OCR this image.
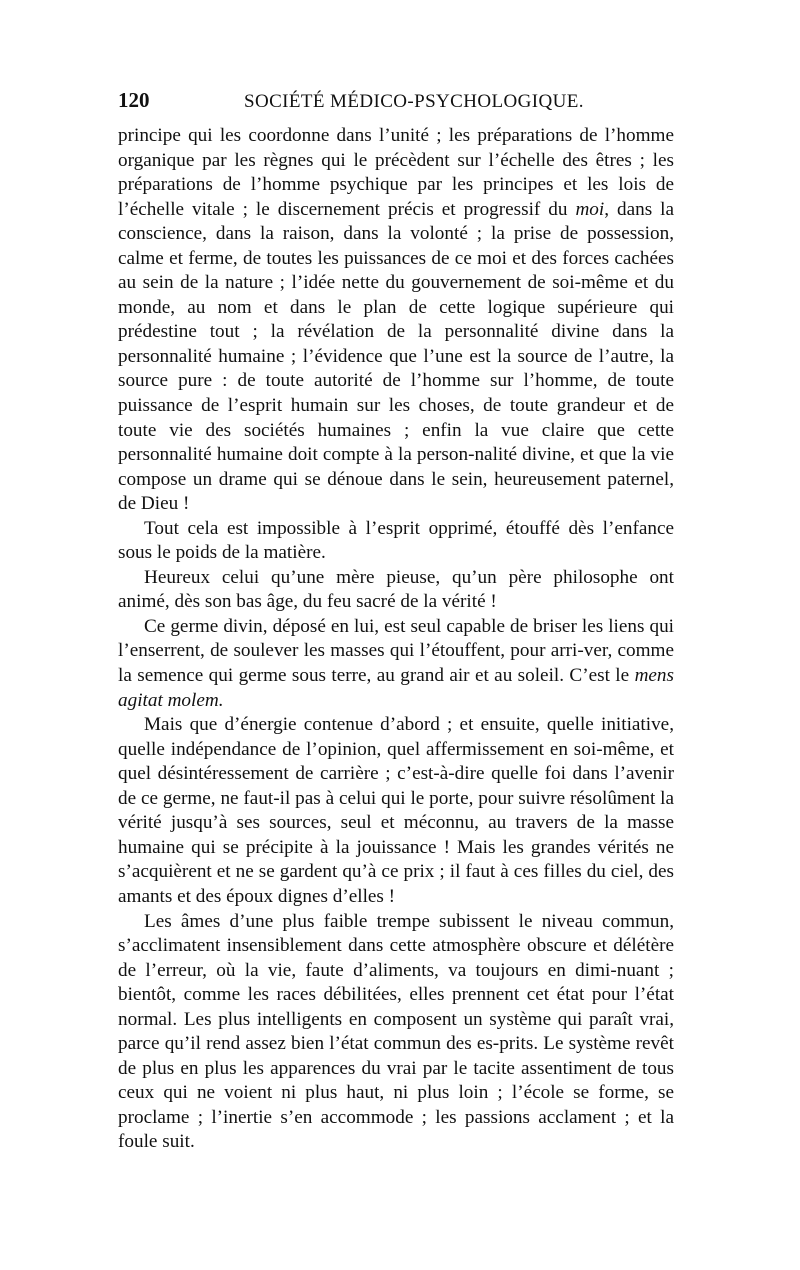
120	SOCIÉTÉ MÉDICO-PSYCHOLOGIQUE.

principe qui les coordonne dans l’unité ; les préparations de l’homme organique par les règnes qui le précèdent sur l’échelle des êtres ; les préparations de l’homme psychique par les principes et les lois de l’échelle vitale ; le discernement précis et progressif du moi, dans la conscience, dans la raison, dans la volonté ; la prise de possession, calme et ferme, de toutes les puissances de ce moi et des forces cachées au sein de la nature ; l’idée nette du gouvernement de soi-même et du monde, au nom et dans le plan de cette logique supérieure qui prédestine tout ; la révélation de la personnalité divine dans la personnalité humaine ; l’évidence que l’une est la source de l’autre, la source pure : de toute autorité de l’homme sur l’homme, de toute puissance de l’esprit humain sur les choses, de toute grandeur et de toute vie des sociétés humaines ; enfin la vue claire que cette personnalité humaine doit compte à la person-nalité divine, et que la vie compose un drame qui se dénoue dans le sein, heureusement paternel, de Dieu !

Tout cela est impossible à l’esprit opprimé, étouffé dès l’enfance sous le poids de la matière.

Heureux celui qu’une mère pieuse, qu’un père philosophe ont animé, dès son bas âge, du feu sacré de la vérité !

Ce germe divin, déposé en lui, est seul capable de briser les liens qui l’enserrent, de soulever les masses qui l’étouffent, pour arri-ver, comme la semence qui germe sous terre, au grand air et au soleil. C’est le mens agitat molem.

Mais que d’énergie contenue d’abord ; et ensuite, quelle initiative, quelle indépendance de l’opinion, quel affermissement en soi-même, et quel désintéressement de carrière ; c’est-à-dire quelle foi dans l’avenir de ce germe, ne faut-il pas à celui qui le porte, pour suivre résolûment la vérité jusqu’à ses sources, seul et méconnu, au travers de la masse humaine qui se précipite à la jouissance ! Mais les grandes vérités ne s’acquièrent et ne se gardent qu’à ce prix ; il faut à ces filles du ciel, des amants et des époux dignes d’elles !

Les âmes d’une plus faible trempe subissent le niveau commun, s’acclimatent insensiblement dans cette atmosphère obscure et délétère de l’erreur, où la vie, faute d’aliments, va toujours en dimi-nuant ; bientôt, comme les races débilitées, elles prennent cet état pour l’état normal. Les plus intelligents en composent un système qui paraît vrai, parce qu’il rend assez bien l’état commun des es-prits. Le système revêt de plus en plus les apparences du vrai par le tacite assentiment de tous ceux qui ne voient ni plus haut, ni plus loin ; l’école se forme, se proclame ; l’inertie s’en accommode ; les passions acclament ; et la foule suit.
